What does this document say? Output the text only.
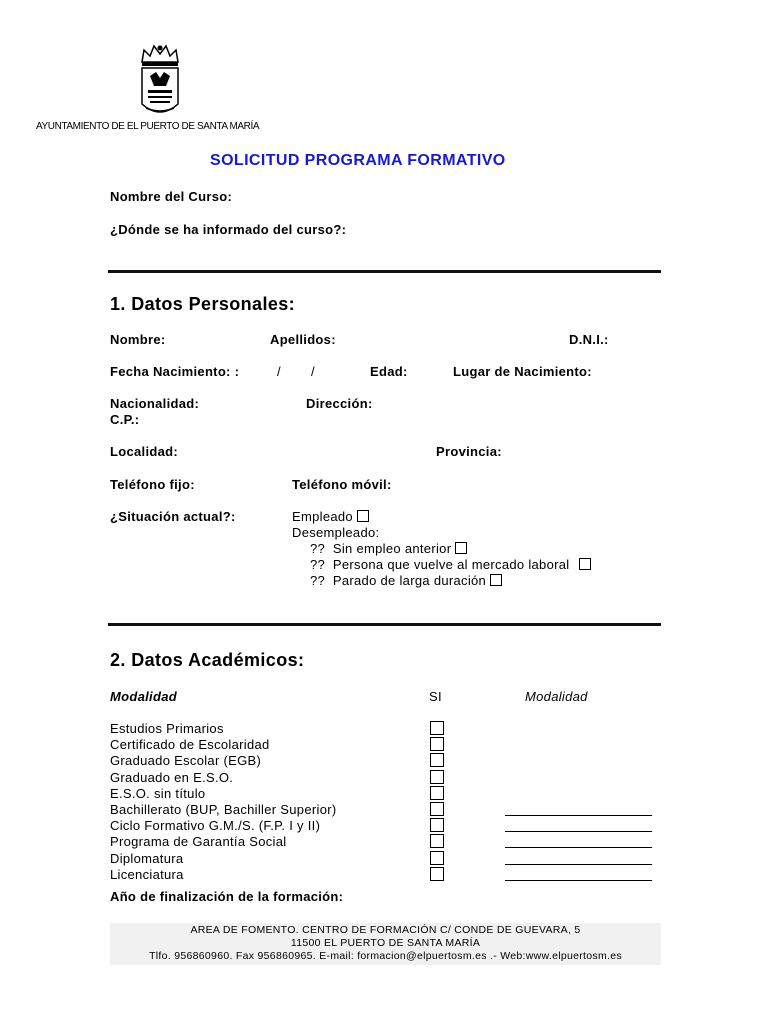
AYUNTAMIENTO DE EL PUERTO DE SANTA MARÍA
SOLICITUD PROGRAMA FORMATIVO
Nombre del Curso:
¿Dónde se ha informado del curso?:
1. Datos Personales:
Nombre:	Apellidos:	D.N.I.:
Fecha Nacimiento: :	/ /	Edad:	Lugar de Nacimiento:
Nacionalidad:	Dirección:
C.P.:
Localidad:	Provincia:
Teléfono fijo:	Teléfono móvil:
¿Situación actual?:	Empleado
Desempleado:
?? Sin empleo anterior
?? Persona que vuelve al mercado laboral
?? Parado de larga duración
2. Datos Académicos:
Modalidad	SI	Modalidad
Estudios Primarios
Certificado de Escolaridad
Graduado Escolar (EGB)
Graduado en E.S.O.
E.S.O. sin título
Bachillerato (BUP, Bachiller Superior)
Ciclo Formativo G.M./S. (F.P. I y II)
Programa de Garantía Social
Diplomatura
Licenciatura
Año de finalización de la formación:
AREA DE FOMENTO. CENTRO DE FORMACIÓN C/ CONDE DE GUEVARA, 5
11500 EL PUERTO DE SANTA MARÍA
Tlfo. 956860960. Fax 956860965. E-mail: formacion@elpuertosm.es .- Web:www.elpuertosm.es
